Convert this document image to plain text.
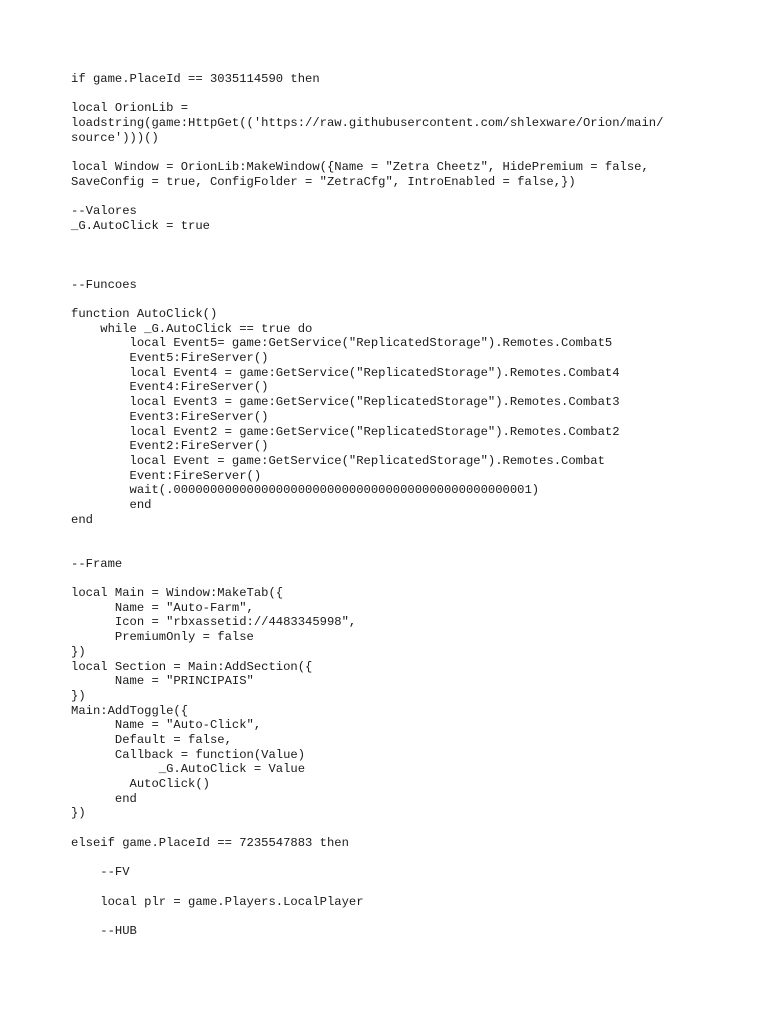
if game.PlaceId == 3035114590 then
local OrionLib =
loadstring(game:HttpGet(('https://raw.githubusercontent.com/shlexware/Orion/main/
source')))()
local Window = OrionLib:MakeWindow({Name = "Zetra Cheetz", HidePremium = false,
SaveConfig = true, ConfigFolder = "ZetraCfg", IntroEnabled = false,})
--Valores
_G.AutoClick = true
--Funcoes
function AutoClick()
while _G.AutoClick == true do
local Event5= game:GetService("ReplicatedStorage").Remotes.Combat5
Event5:FireServer()
local Event4 = game:GetService("ReplicatedStorage").Remotes.Combat4
Event4:FireServer()
local Event3 = game:GetService("ReplicatedStorage").Remotes.Combat3
Event3:FireServer()
local Event2 = game:GetService("ReplicatedStorage").Remotes.Combat2
Event2:FireServer()
local Event = game:GetService("ReplicatedStorage").Remotes.Combat
Event:FireServer()
wait(.0000000000000000000000000000000000000000000000001)
end
end
--Frame
local Main = Window:MakeTab({
Name = "Auto-Farm",
Icon = "rbxassetid://4483345998",
PremiumOnly = false
})
local Section = Main:AddSection({
Name = "PRINCIPAIS"
})
Main:AddToggle({
Name = "Auto-Click",
Default = false,
Callback = function(Value)
_G.AutoClick = Value
AutoClick()
end
})
elseif game.PlaceId == 7235547883 then
--FV
local plr = game.Players.LocalPlayer
--HUB
